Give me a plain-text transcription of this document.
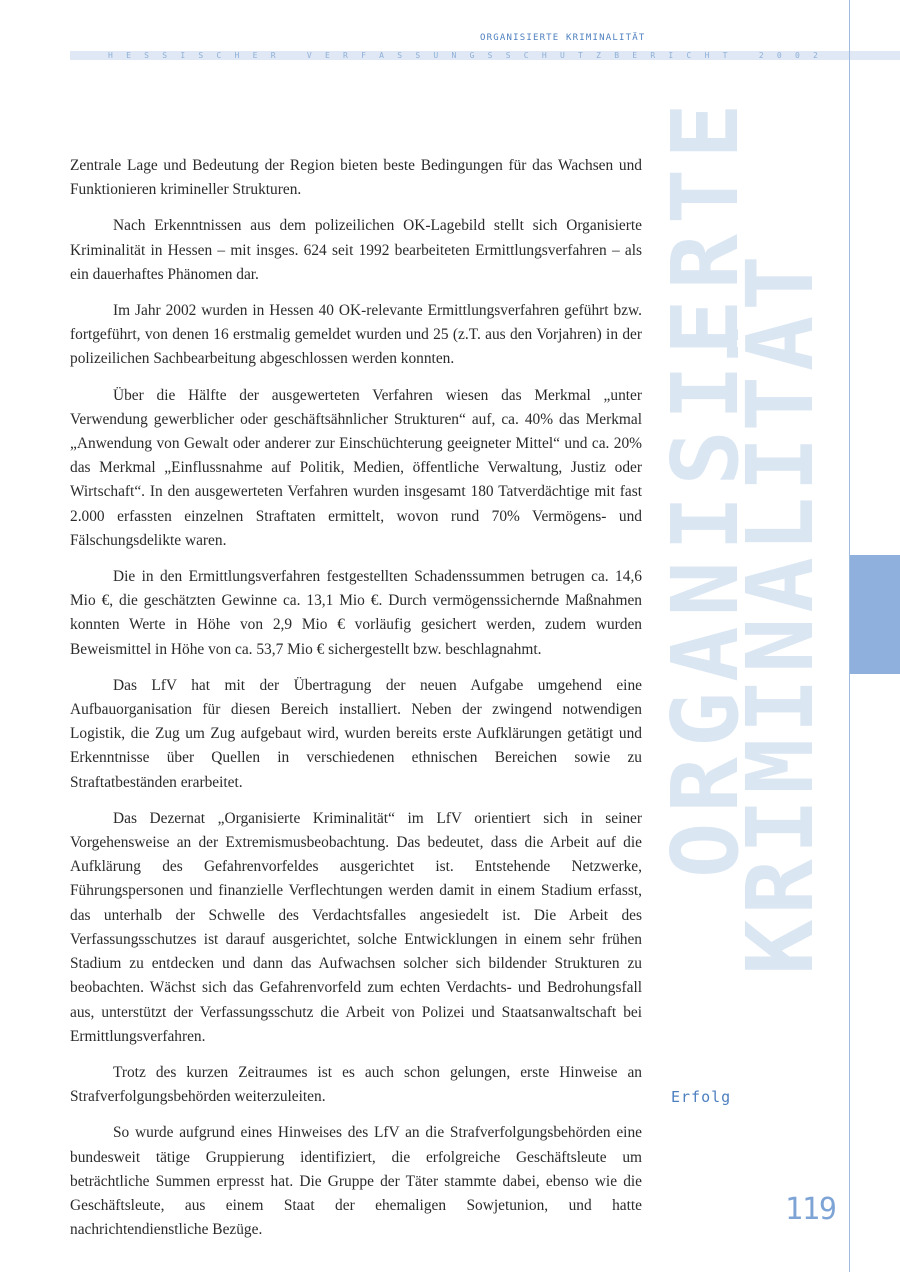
ORGANISIERTE KRIMINALITÄT
H E S S I S C H E R
	V E R F A S S U N G S S C H U T Z B E R I C H T
	2 0 0 2
ORGANISIERTE
KRIMINALITÄT

Zentrale Lage und Bedeutung der Region bieten beste Bedingungen für das Wachsen und Funktionieren krimineller Strukturen.

Nach Erkenntnissen aus dem polizeilichen OK-Lagebild stellt sich Organisierte Kriminalität in Hessen – mit insges. 624 seit 1992 bearbeiteten Ermittlungsverfahren – als ein dauerhaftes Phänomen dar.

Im Jahr 2002 wurden in Hessen 40 OK-relevante Ermittlungsverfahren geführt bzw. fortgeführt, von denen 16 erstmalig gemeldet wurden und 25 (z.T. aus den Vorjahren) in der polizeilichen Sachbearbeitung abgeschlossen werden konnten.

Über die Hälfte der ausgewerteten Verfahren wiesen das Merkmal „unter Verwendung gewerblicher oder geschäftsähnlicher Strukturen“ auf, ca. 40% das Merkmal „Anwendung von Gewalt oder anderer zur Einschüchterung geeigneter Mittel“ und ca. 20% das Merkmal „Einflussnahme auf Politik, Medien, öffentliche Verwaltung, Justiz oder Wirtschaft“. In den ausgewerteten Verfahren wurden insgesamt 180 Tatverdächtige mit fast 2.000 erfassten einzelnen Straftaten ermittelt, wovon rund 70% Vermögens- und Fälschungsdelikte waren.

Die in den Ermittlungsverfahren festgestellten Schadenssummen betrugen ca. 14,6 Mio €, die geschätzten Gewinne ca. 13,1 Mio €. Durch vermögenssichernde Maßnahmen konnten Werte in Höhe von 2,9 Mio € vorläufig gesichert werden, zudem wurden Beweismittel in Höhe von ca. 53,7 Mio € sichergestellt bzw. beschlagnahmt.

Das LfV hat mit der Übertragung der neuen Aufgabe umgehend eine Aufbauorganisation für diesen Bereich installiert. Neben der zwingend notwendigen Logistik, die Zug um Zug aufgebaut wird, wurden bereits erste Aufklärungen getätigt und Erkenntnisse über Quellen in verschiedenen ethnischen Bereichen sowie zu Straftatbeständen erarbeitet.

Das Dezernat „Organisierte Kriminalität“ im LfV orientiert sich in seiner Vorgehensweise an der Extremismusbeobachtung. Das bedeutet, dass die Arbeit auf die Aufklärung des Gefahrenvorfeldes ausgerichtet ist. Entstehende Netzwerke, Führungspersonen und finanzielle Verflechtungen werden damit in einem Stadium erfasst, das unterhalb der Schwelle des Verdachtsfalles angesiedelt ist. Die Arbeit des Verfassungsschutzes ist darauf ausgerichtet, solche Entwicklungen in einem sehr frühen Stadium zu entdecken und dann das Aufwachsen solcher sich bildender Strukturen zu beobachten. Wächst sich das Gefahrenvorfeld zum echten Verdachts- und Bedrohungsfall aus, unterstützt der Verfassungsschutz die Arbeit von Polizei und Staatsanwaltschaft bei Ermittlungsverfahren.

Trotz des kurzen Zeitraumes ist es auch schon gelungen, erste Hinweise an Strafverfolgungsbehörden weiterzuleiten.

So wurde aufgrund eines Hinweises des LfV an die Strafverfolgungsbehörden eine bundesweit tätige Gruppierung identifiziert, die erfolgreiche Geschäftsleute um beträchtliche Summen erpresst hat. Die Gruppe der Täter stammte dabei, ebenso wie die Geschäftsleute, aus einem Staat der ehemaligen Sowjetunion, und hatte nachrichtendienstliche Bezüge.

Erfolg
119
